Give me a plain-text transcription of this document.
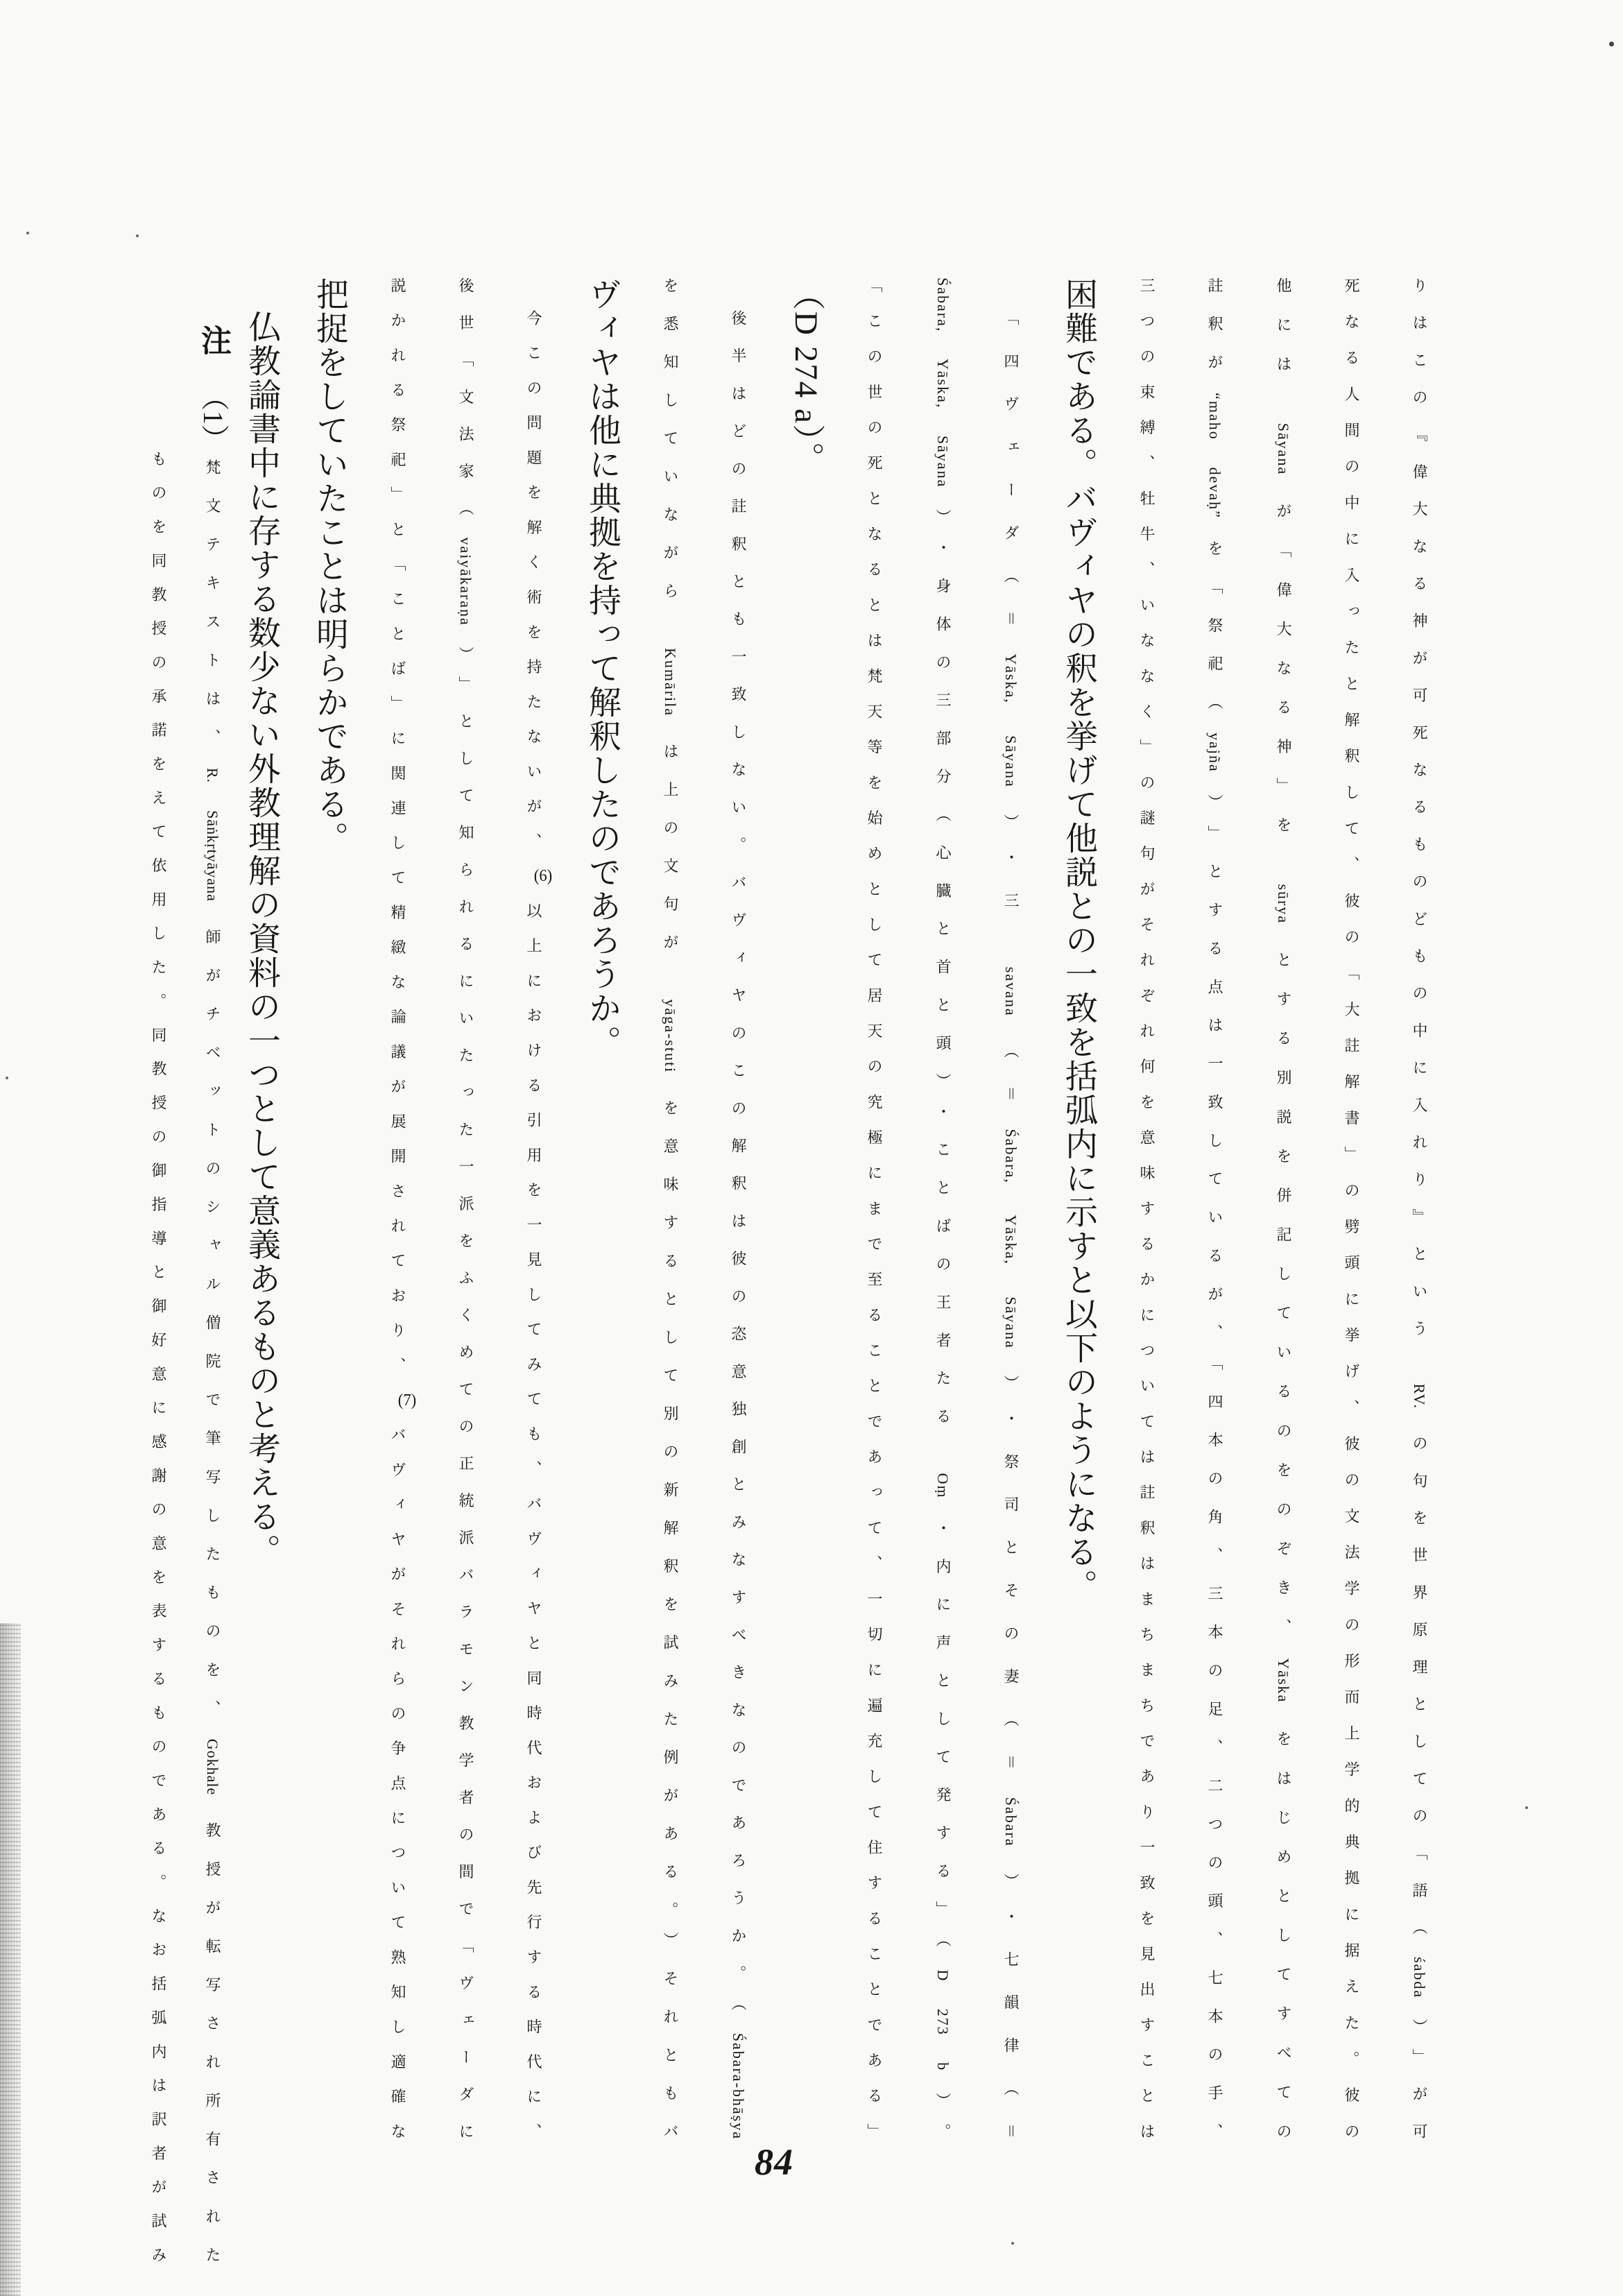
りはこの『偉大なる神が可死なるものどもの中に入れり』という RV. の句を世界原理としての「語（śabda）」が可
死なる人間の中に入ったと解釈して、彼の「大註解書」の劈頭に挙げ、彼の文法学の形而上学的典拠に据えた。彼の
他には Sāyana が「偉大なる神」を sūrya とする別説を併記しているのをのぞき、Yāska をはじめとしてすべての
註釈が“maho devaḥ”を「祭祀（yajña）」とする点は一致しているが、「四本の角、三本の足、二つの頭、七本の手、
三つの束縛、牡牛、いななく」の謎句がそれぞれ何を意味するかについては註釈はまちまちであり一致を見出すことは
困難である。バヴィヤの釈を挙げて他説との一致を括弧内に示すと以下のようになる。
「四ヴェーダ（＝Yāska, Sāyana）・三 savana（＝Śabara, Yāska, Sāyana）・祭司とその妻（＝Śabara）・七韻律（＝
Śabara, Yāska, Sāyana）・身体の三部分（心臓と首と頭）・ことばの王者たる Oṃ・内に声として発する」（D 273 b）。
「この世の死となるとは梵天等を始めとして居天の究極にまで至ることであって、一切に遍充して住することである」
（D 274 a）。
後半はどの註釈とも一致しない。バヴィヤのこの解釈は彼の恣意独創とみなすべきなのであろうか。（Śabara-bhāṣya
を悉知していながら Kumārila は上の文句が yāga-stuti を意味するとして別の新解釈を試みた例がある。）それともバ
ヴィヤは他に典拠を持って解釈したのであろうか。
今この問題を解く術を持たないが、(6)以上における引用を一見してみても、バヴィヤと同時代および先行する時代に、
後世「文法家（vaiyākaraṇa）」として知られるにいたった一派をふくめての正統派バラモン教学者の間で「ヴェーダに
説かれる祭祀」と「ことば」に関連して精緻な論議が展開されており、(7)バヴィヤがそれらの争点について熟知し適確な
把捉をしていたことは明らかである。
仏教論書中に存する数少ない外教理解の資料の一つとして意義あるものと考える。
注（1）
梵文テキストは、R. Sāṅkṛtyāyana 師がチベットのシャル僧院で筆写したものを、Gokhale 教授が転写され所有された
ものを同教授の承諾をえて依用した。同教授の御指導と御好意に感謝の意を表するものである。なお括弧内は訳者が試み	84
